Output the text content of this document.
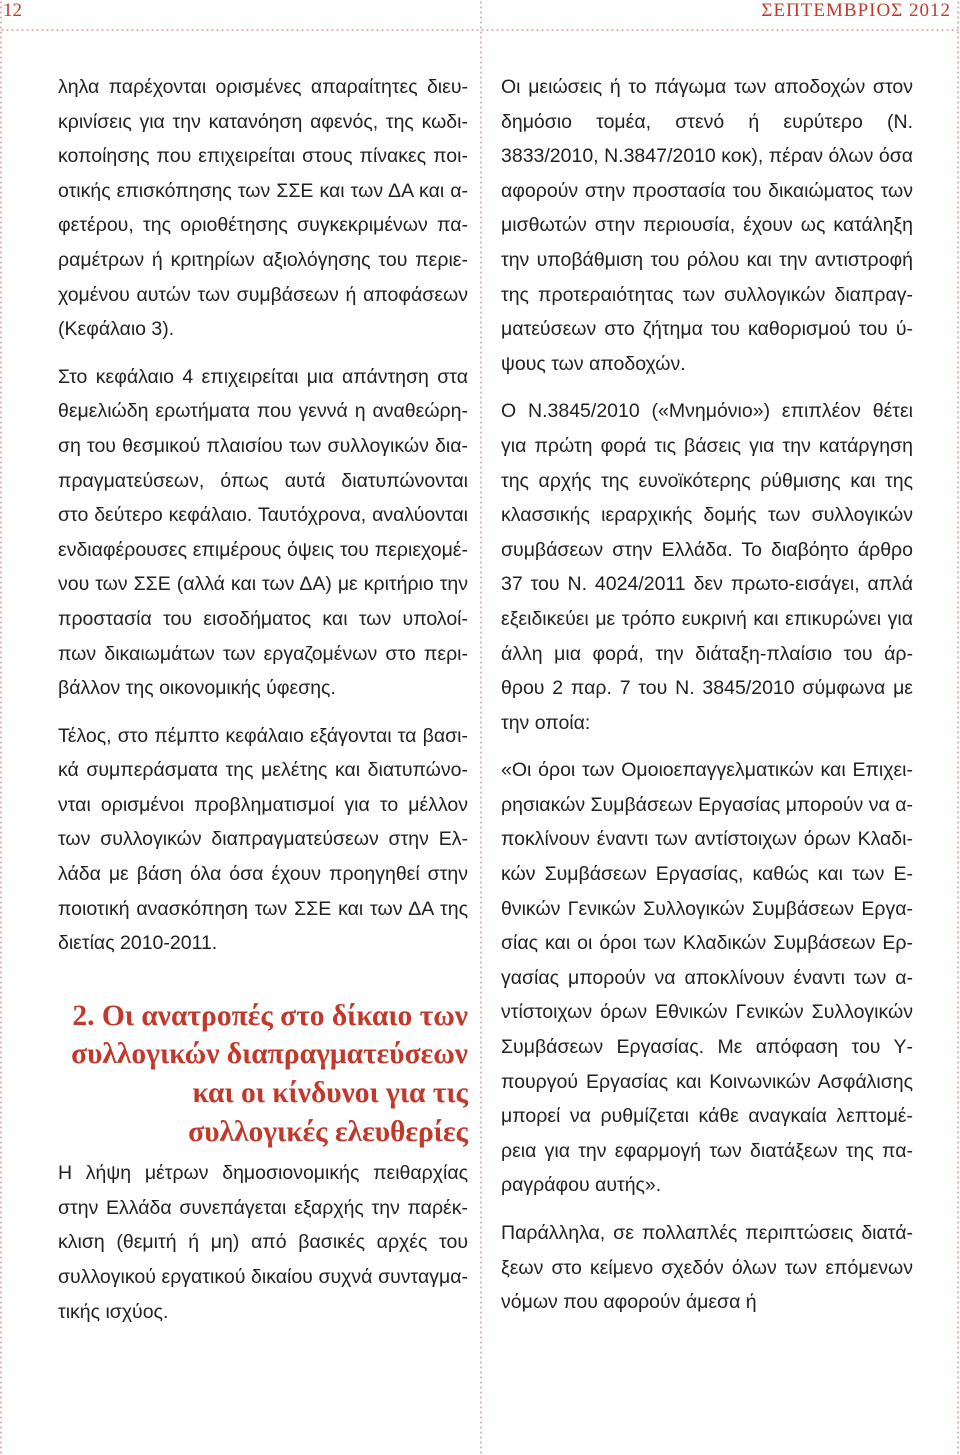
12	ΣΕΠΤΕΜΒΡΙΟΣ 2012

ληλα παρέχονται ορισμένες απαραίτητες διευκρινίσεις για την κατανόηση αφενός, της κωδικοποίησης που επιχειρείται στους πίνακες ποιοτικής επισκόπησης των ΣΣΕ και των ΔΑ και αφετέρου, της οριοθέτησης συγκεκριμένων παραμέτρων ή κριτηρίων αξιολόγησης του περιεχομένου αυτών των συμβάσεων ή αποφάσεων (Κεφάλαιο 3).

Στο κεφάλαιο 4 επιχειρείται μια απάντηση στα θεμελιώδη ερωτήματα που γεννά η αναθεώρηση του θεσμικού πλαισίου των συλλογικών διαπραγματεύσεων, όπως αυτά διατυπώνονται στο δεύτερο κεφάλαιο. Ταυτόχρονα, αναλύονται ενδιαφέρουσες επιμέρους όψεις του περιεχομένου των ΣΣΕ (αλλά και των ΔΑ) με κριτήριο την προστασία του εισοδήματος και των υπολοίπων δικαιωμάτων των εργαζομένων στο περιβάλλον της οικονομικής ύφεσης.

Τέλος, στο πέμπτο κεφάλαιο εξάγονται τα βασικά συμπεράσματα της μελέτης και διατυπώνονται ορισμένοι προβληματισμοί για το μέλλον των συλλογικών διαπραγματεύσεων στην Ελλάδα με βάση όλα όσα έχουν προηγηθεί στην ποιοτική ανασκόπηση των ΣΣΕ και των ΔΑ της διετίας 2010-2011.

2. Οι ανατροπές στο δίκαιο των συλλογικών διαπραγματεύσεων και οι κίνδυνοι για τις συλλογικές ελευθερίες

Η λήψη μέτρων δημοσιονομικής πειθαρχίας στην Ελλάδα συνεπάγεται εξαρχής την παρέκκλιση (θεμιτή ή μη) από βασικές αρχές του συλλογικού εργατικού δικαίου συχνά συνταγματικής ισχύος.

Οι μειώσεις ή το πάγωμα των αποδοχών στον δημόσιο τομέα, στενό ή ευρύτερο (Ν. 3833/2010, Ν.3847/2010 κοκ), πέραν όλων όσα αφορούν στην προστασία του δικαιώματος των μισθωτών στην περιουσία, έχουν ως κατάληξη την υποβάθμιση του ρόλου και την αντιστροφή της προτεραιότητας των συλλογικών διαπραγματεύσεων στο ζήτημα του καθορισμού του ύψους των αποδοχών.

Ο Ν.3845/2010 («Μνημόνιο») επιπλέον θέτει για πρώτη φορά τις βάσεις για την κατάργηση της αρχής της ευνοϊκότερης ρύθμισης και της κλασσικής ιεραρχικής δομής των συλλογικών συμβάσεων στην Ελλάδα. Το διαβόητο άρθρο 37 του Ν. 4024/2011 δεν πρωτο-εισάγει, απλά εξειδικεύει με τρόπο ευκρινή και επικυρώνει για άλλη μια φορά, την διάταξη-πλαίσιο του άρθρου 2 παρ. 7 του Ν. 3845/2010 σύμφωνα με την οποία:

«Οι όροι των Ομοιοεπαγγελματικών και Επιχειρησιακών Συμβάσεων Εργασίας μπορούν να αποκλίνουν έναντι των αντίστοιχων όρων Κλαδικών Συμβάσεων Εργασίας, καθώς και των Εθνικών Γενικών Συλλογικών Συμβάσεων Εργασίας και οι όροι των Κλαδικών Συμβάσεων Εργασίας μπορούν να αποκλίνουν έναντι των αντίστοιχων όρων Εθνικών Γενικών Συλλογικών Συμβάσεων Εργασίας. Με απόφαση του Υπουργού Εργασίας και Κοινωνικών Ασφάλισης μπορεί να ρυθμίζεται κάθε αναγκαία λεπτομέρεια για την εφαρμογή των διατάξεων της παραγράφου αυτής».

Παράλληλα, σε πολλαπλές περιπτώσεις διατάξεων στο κείμενο σχεδόν όλων των επόμενων νόμων που αφορούν άμεσα ή
